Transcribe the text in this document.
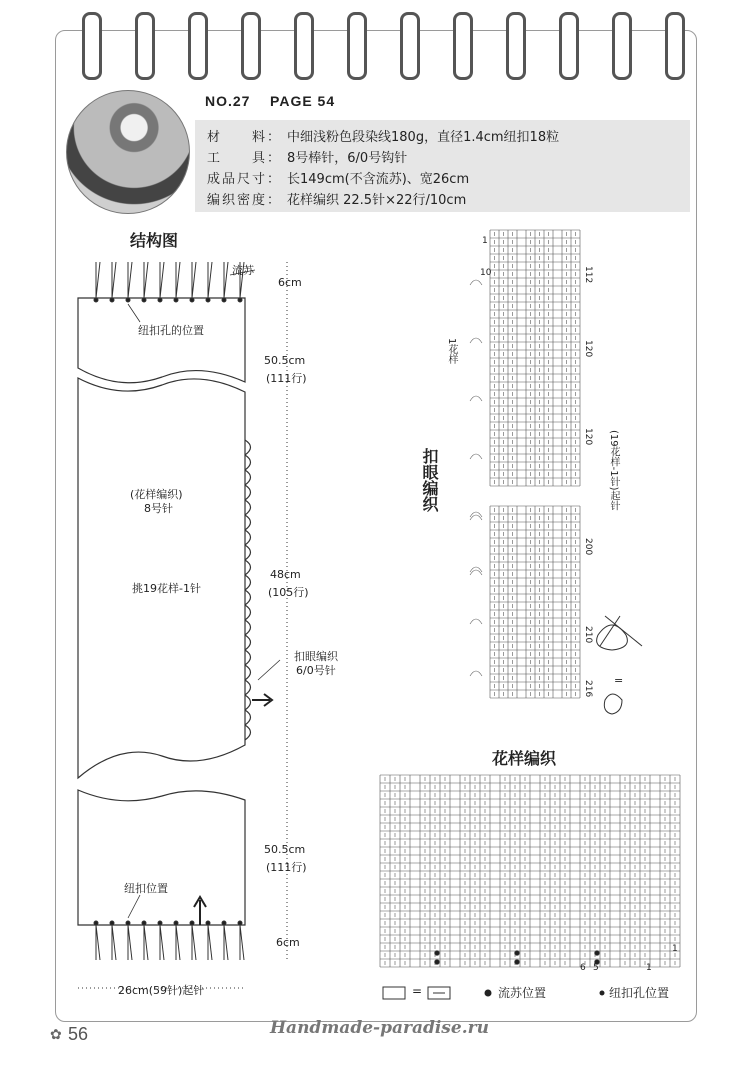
NO.27 PAGE 54
材　　料： 中细浅粉色段染线180g，直径1.4cm纽扣18粒
工　　具： 8号棒针，6/0号钩针
成品尺寸： 长149cm(不含流苏)、宽26cm
编织密度： 花样编织 22.5针×22行/10cm
结构图
流苏
6cm
纽扣孔的位置
50.5cm
(111行)
(花样编织)
8号针
48cm
(105行)
挑19花样-1针
扣眼编织
6/0号针
50.5cm
(111行)
纽扣位置
6cm
26cm(59针)起针
扣眼编织
1花样
(19花样-1针)起针
112
120
120
200
210
216
1
10
=
花样编织
6 5	1
1
=	流苏位置	纽扣孔位置
✿ 56	Handmade-paradise.ru
